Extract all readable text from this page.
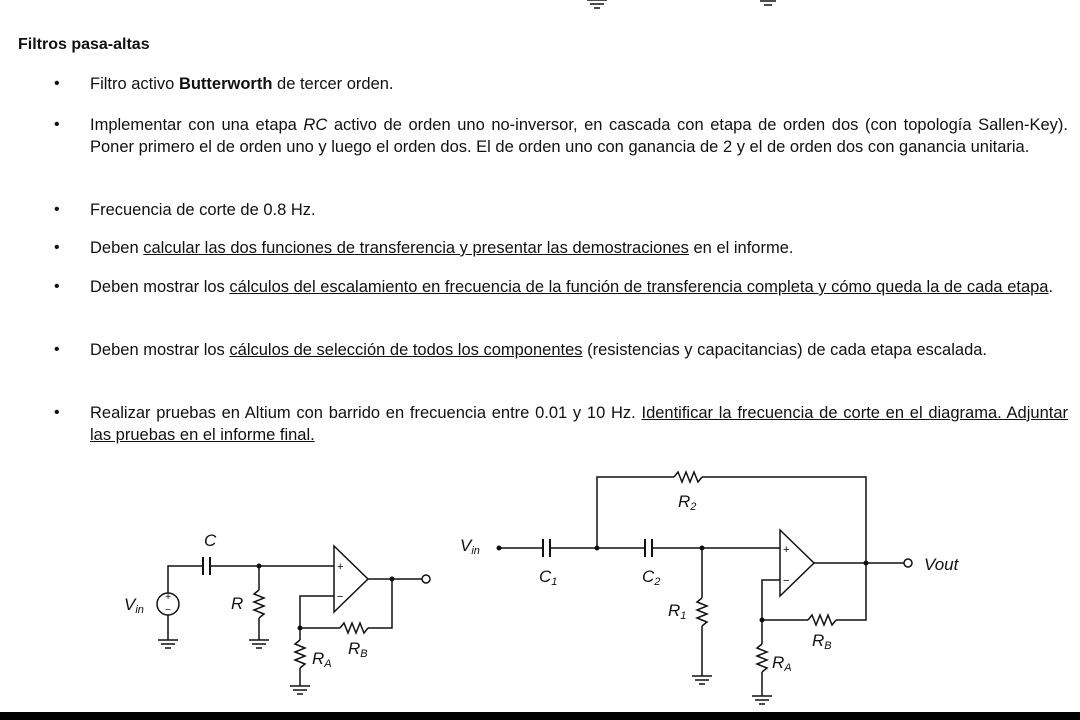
Filtros pasa-altas
• Filtro activo Butterworth de tercer orden.
• Implementar con una etapa RC activo de orden uno no-inversor, en cascada con etapa de orden dos (con topología Sallen-Key). Poner primero el de orden uno y luego el orden dos. El de orden uno con ganancia de 2 y el de orden dos con ganancia unitaria.
• Frecuencia de corte de 0.8 Hz.
• Deben calcular las dos funciones de transferencia y presentar las demostraciones en el informe.
• Deben mostrar los cálculos del escalamiento en frecuencia de la función de transferencia completa y cómo queda la de cada etapa.
• Deben mostrar los cálculos de selección de todos los componentes (resistencias y capacitancias) de cada etapa escalada.
• Realizar pruebas en Altium con barrido en frecuencia entre 0.01 y 10 Hz. Identificar la frecuencia de corte en el diagrama. Adjuntar las pruebas en el informe final.
+
−
Vin
C
R
+
−
RB
RA
Vin
C1
R2
C2
R1
+
−
Vout
RB
RA
